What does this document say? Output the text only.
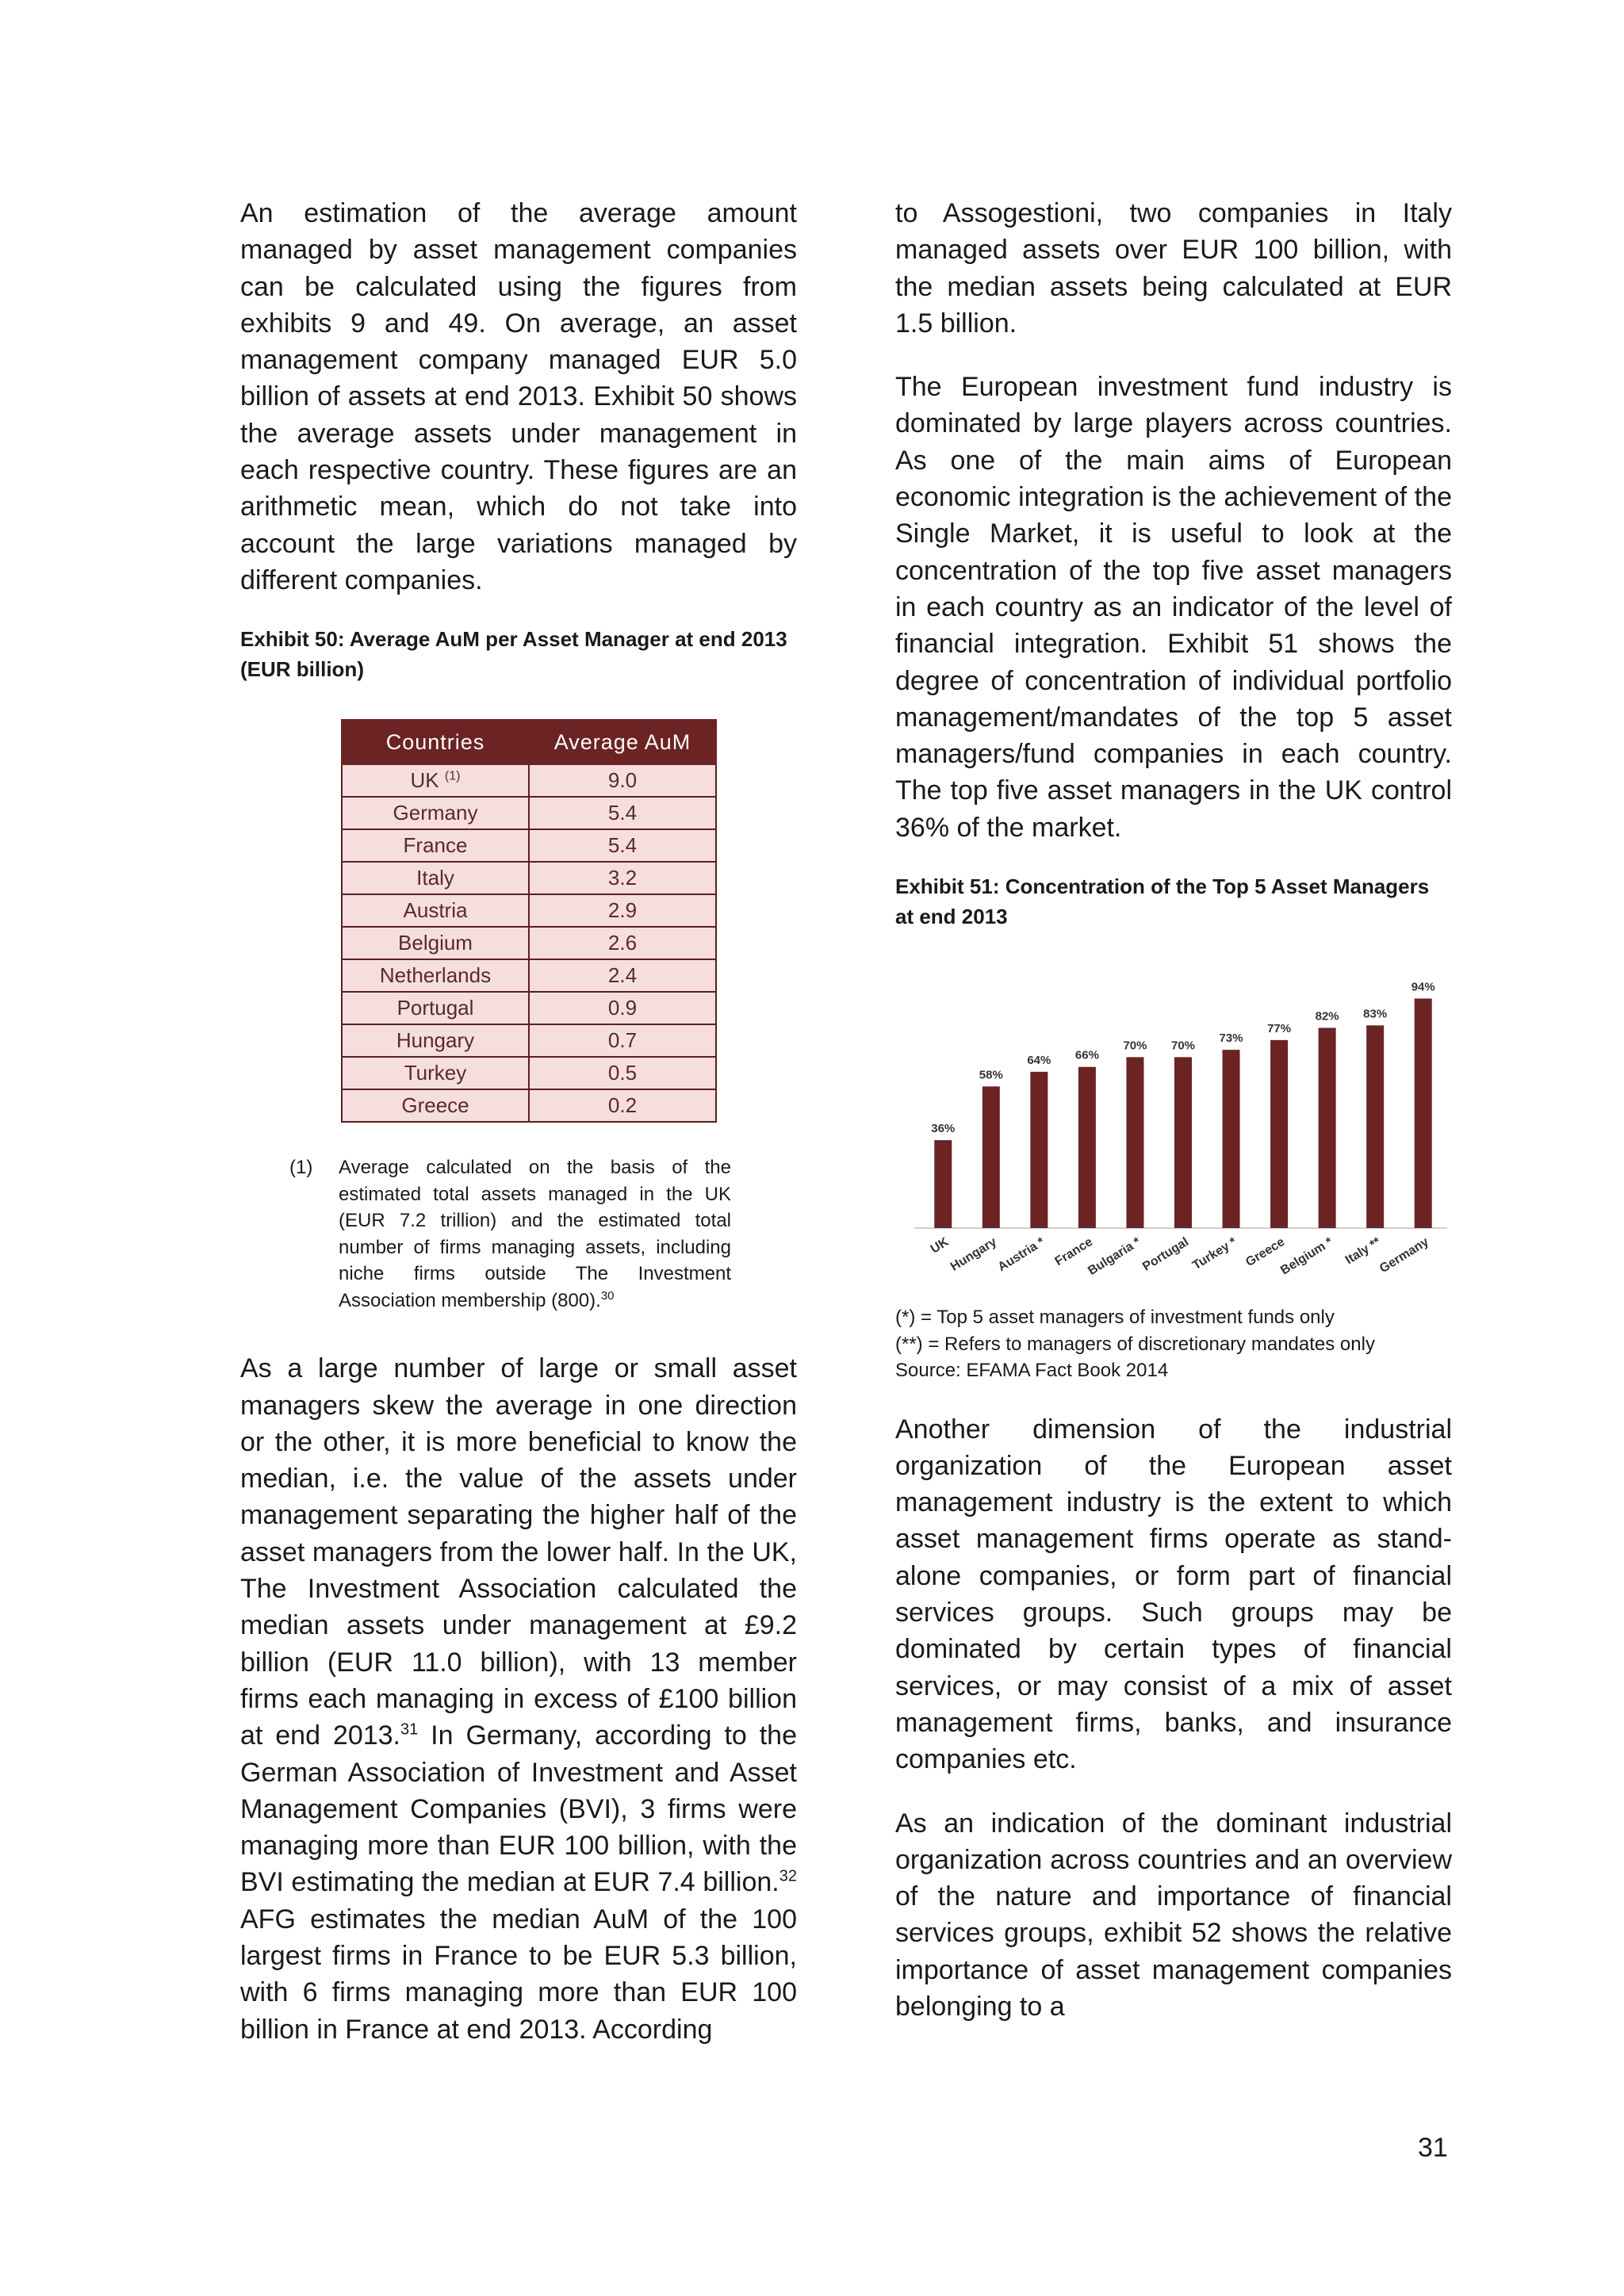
An estimation of the average amount managed by asset management companies can be calculated using the figures from exhibits 9 and 49. On average, an asset management company managed EUR 5.0 billion of assets at end 2013. Exhibit 50 shows the average assets under management in each respective country. These figures are an arithmetic mean, which do not take into account the large variations managed by different companies.

Exhibit 50: Average AuM per Asset Manager at end 2013 (EUR billion)
Countries	Average AuM
UK $^{(1)}$	9.0
Germany	5.4
France	5.4
Italy	3.2
Austria	2.9
Belgium	2.6
Netherlands	2.4
Portugal	0.9
Hungary	0.7
Turkey	0.5
Greece	0.2
(1) Average calculated on the basis of the estimated total assets managed in the UK (EUR 7.2 trillion) and the estimated total number of firms managing assets, including niche firms outside The Investment Association membership (800).$^{30}$

As a large number of large or small asset managers skew the average in one direction or the other, it is more beneficial to know the median, i.e. the value of the assets under management separating the higher half of the asset managers from the lower half. In the UK, The Investment Association calculated the median assets under management at £9.2 billion (EUR 11.0 billion), with 13 member firms each managing in excess of £100 billion at end 2013.31 In Germany, according to the German Association of Investment and Asset Management Companies (BVI), 3 firms were managing more than EUR 100 billion, with the BVI estimating the median at EUR 7.4 billion.$^{32}$ AFG estimates the median AuM of the 100 largest firms in France to be EUR 5.3 billion, with 6 firms managing more than EUR 100 billion in France at end 2013. According

to Assogestioni, two companies in Italy managed assets over EUR 100 billion, with the median assets being calculated at EUR 1.5 billion.

The European investment fund industry is dominated by large players across countries. As one of the main aims of European economic integration is the achievement of the Single Market, it is useful to look at the concentration of the top five asset managers in each country as an indicator of the level of financial integration. Exhibit 51 shows the degree of concentration of individual portfolio management/mandates of the top 5 asset managers/fund companies in each country. The top five asset managers in the UK control 36% of the market.

Exhibit 51: Concentration of the Top 5 Asset Managers at end 2013
36%
UK
58%
Hungary
64%
Austria *
66%
France
70%
Bulgaria *
70%
Portugal
73%
Turkey *
77%
Greece
82%
Belgium *
83%
Italy **
94%
Germany
(*) = Top 5 asset managers of investment funds only
(**) = Refers to managers of discretionary mandates only
Source: EFAMA Fact Book 2014

Another dimension of the industrial organization of the European asset management industry is the extent to which asset management firms operate as stand-alone companies, or form part of financial services groups. Such groups may be dominated by certain types of financial services, or may consist of a mix of asset management firms, banks, and insurance companies etc.

As an indication of the dominant industrial organization across countries and an overview of the nature and importance of financial services groups, exhibit 52 shows the relative importance of asset management companies belonging to a

31
